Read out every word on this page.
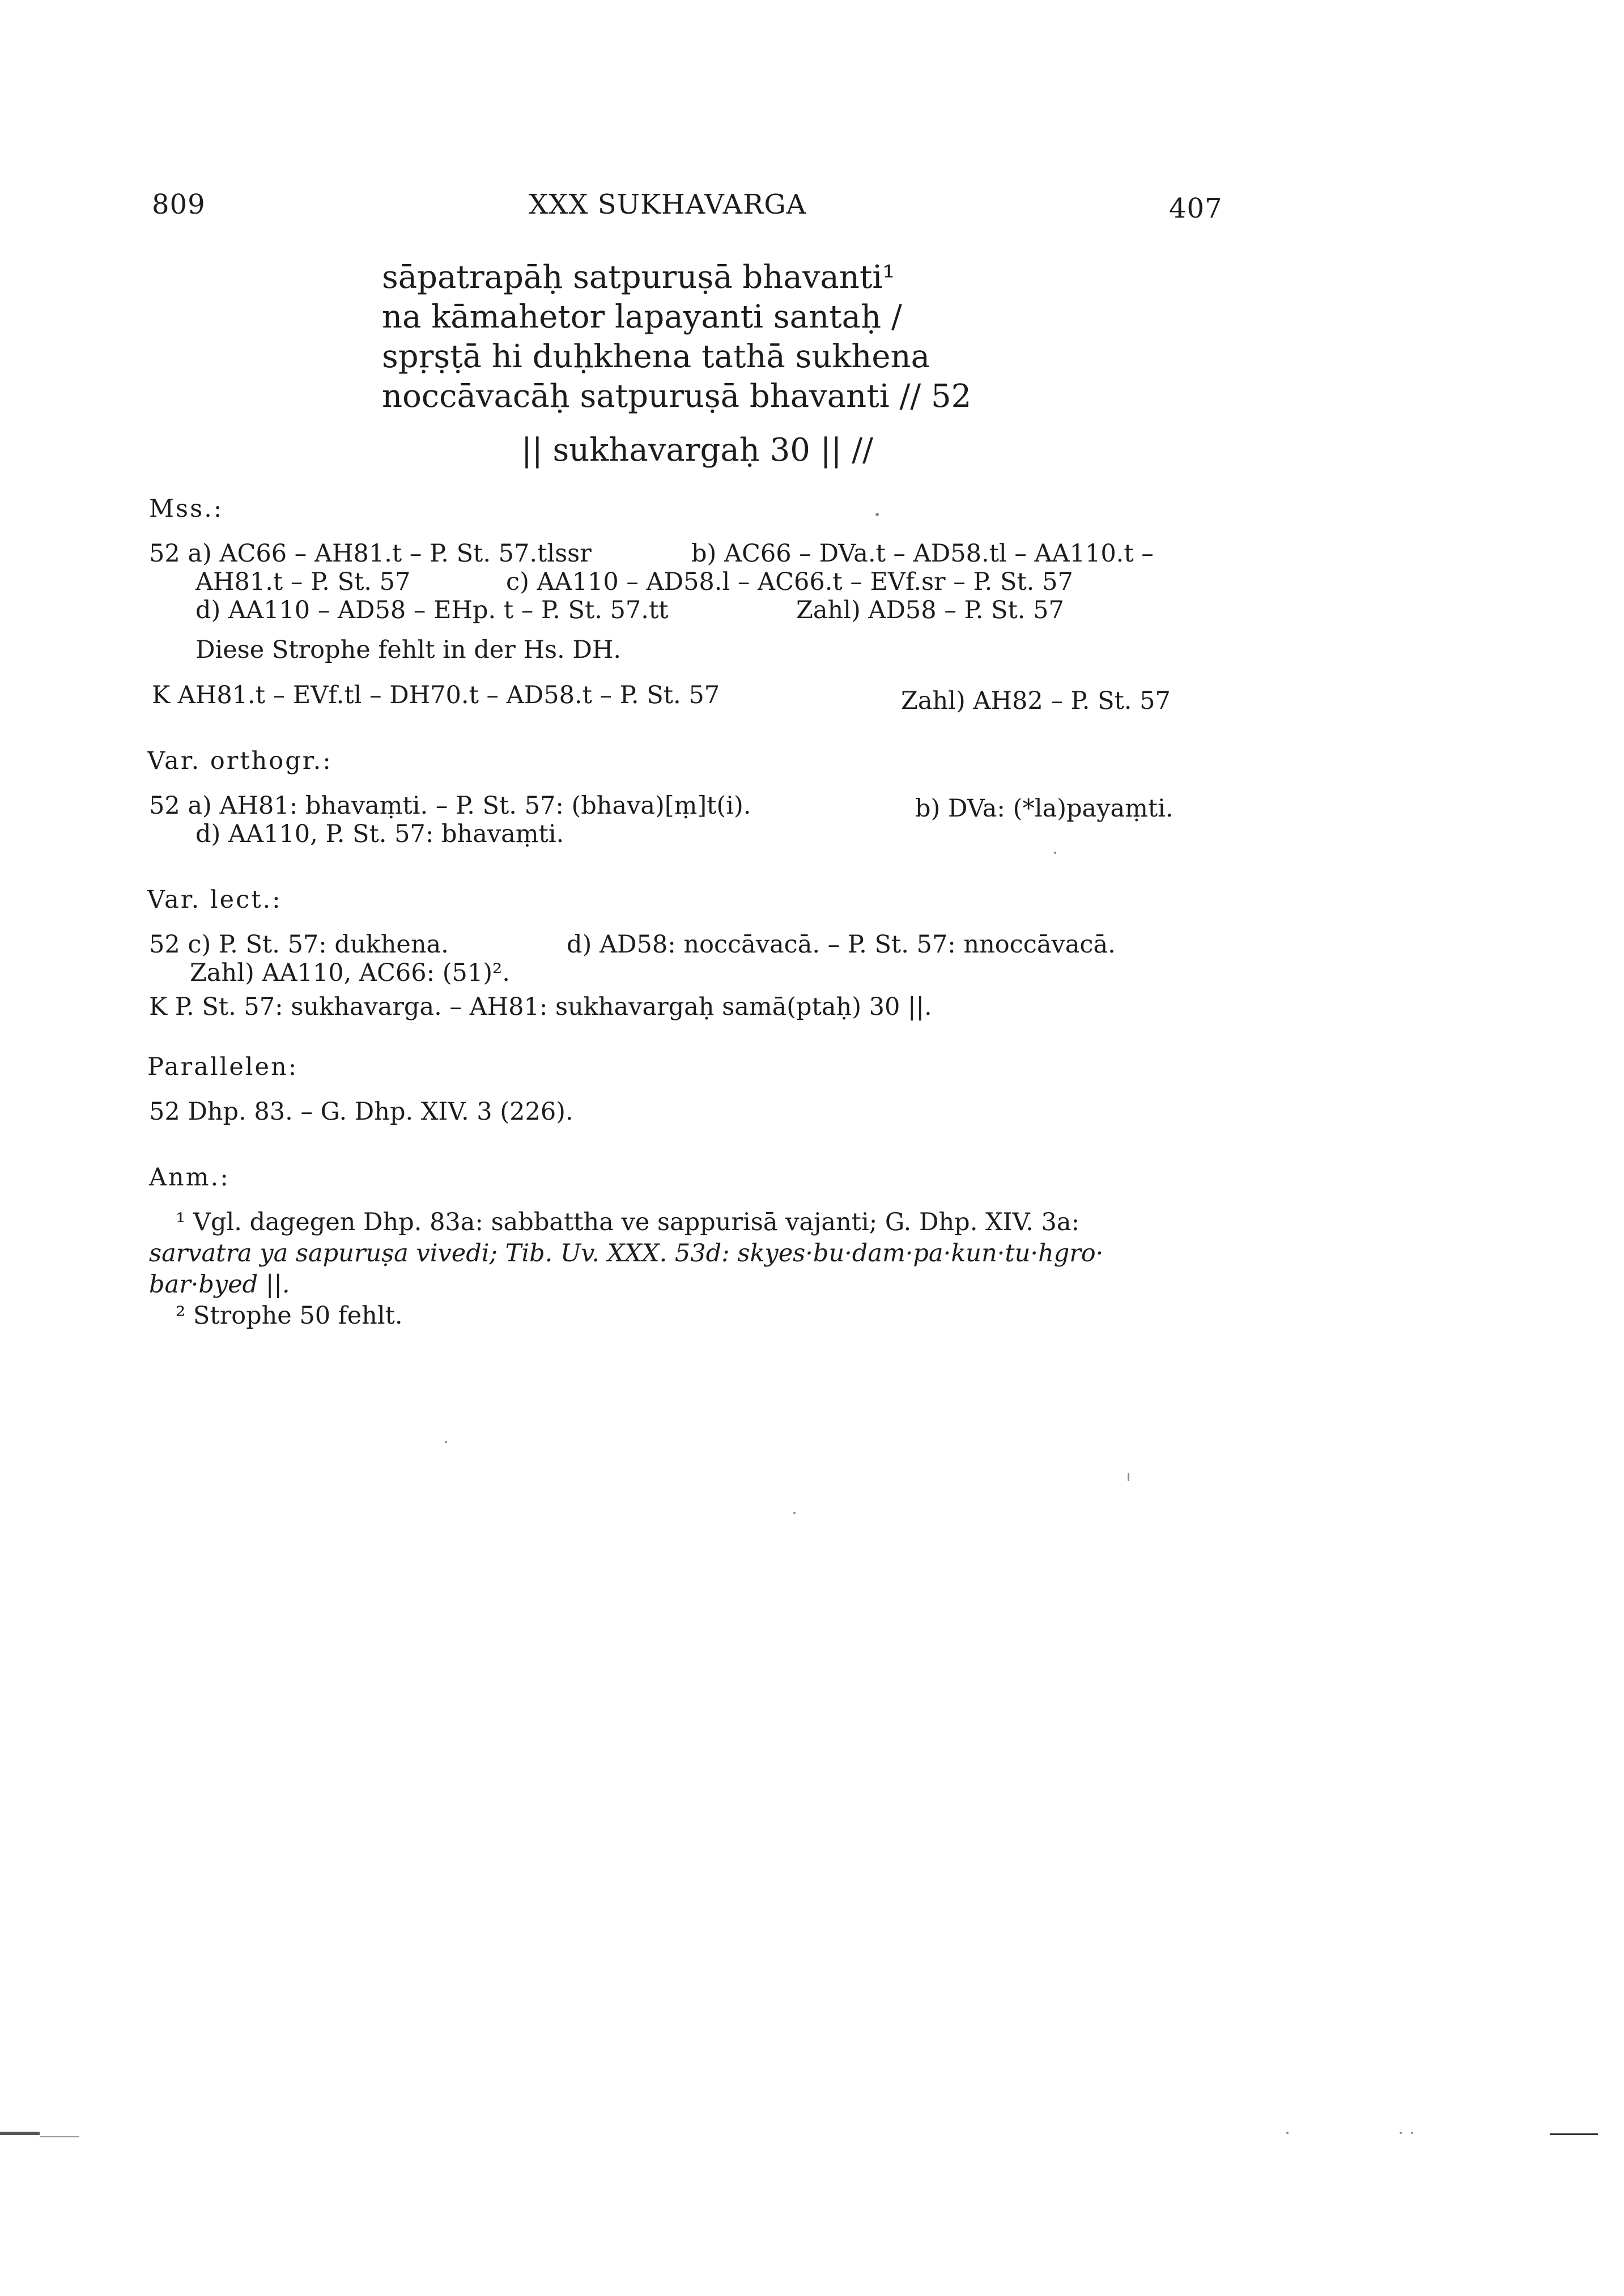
809	XXX SUKHAVARGA	407
sāpatrapāḥ satpuruṣā bhavanti¹
na kāmahetor lapayanti santaḥ /
spṛṣṭā hi duḥkhena tathā sukhena
noccāvacāḥ satpuruṣā bhavanti // 52
|| sukhavargaḥ 30 || //
Mss.:
52 a) AC66 – AH81.t – P. St. 57.tlssr	b) AC66 – DVa.t – AD58.tl – AA110.t –
AH81.t – P. St. 57	c) AA110 – AD58.l – AC66.t – EVf.sr – P. St. 57
d) AA110 – AD58 – EHp. t – P. St. 57.tt	Zahl) AD58 – P. St. 57
Diese Strophe fehlt in der Hs. DH.
K AH81.t – EVf.tl – DH70.t – AD58.t – P. St. 57	Zahl) AH82 – P. St. 57
Var. orthogr.:
52 a) AH81: bhavaṃti. – P. St. 57: (bhava)[ṃ]t(i).	b) DVa: (*la)payaṃti.
d) AA110, P. St. 57: bhavaṃti.
Var. lect.:
52 c) P. St. 57: dukhena.	d) AD58: noccāvacā. – P. St. 57: nnoccāvacā.
Zahl) AA110, AC66: (51)².
K P. St. 57: sukhavarga. – AH81: sukhavargaḥ samā(ptaḥ) 30 ||.
Parallelen:
52 Dhp. 83. – G. Dhp. XIV. 3 (226).
Anm.:
¹ Vgl. dagegen Dhp. 83a: sabbattha ve sappurisā vajanti; G. Dhp. XIV. 3a:
sarvatra ya sapuruṣa vivedi; Tib. Uv. XXX. 53d: skyes·bu·dam·pa·kun·tu·hgro·
bar·byed ||.
² Strophe 50 fehlt.
